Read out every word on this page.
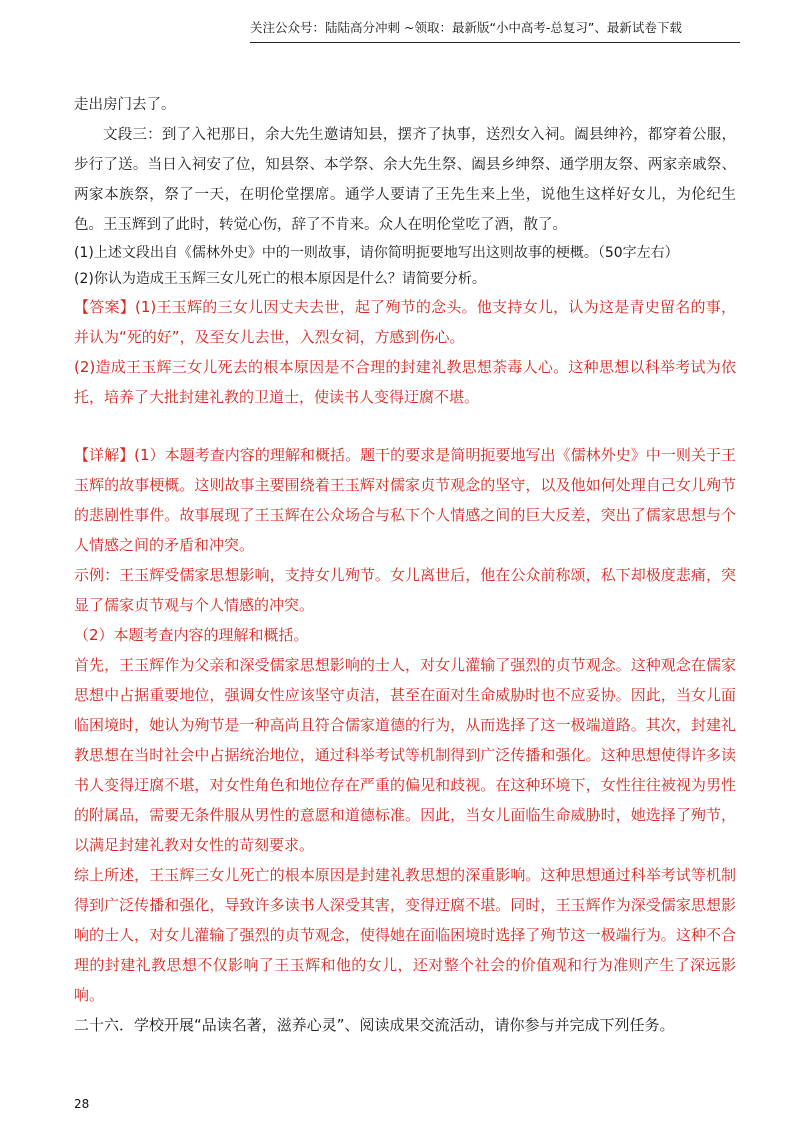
关注公众号：陆陆高分冲刺 ~领取：最新版“小中高考-总复习”、最新试卷下载

走出房门去了。

文段三：到了入祀那日，余大先生邀请知县，摆齐了执事，送烈女入祠。阖县绅衿，都穿着公服，步行了送。当日入祠安了位，知县祭、本学祭、余大先生祭、阖县乡绅祭、通学朋友祭、两家亲戚祭、两家本族祭，祭了一天，在明伦堂摆席。通学人要请了王先生来上坐，说他生这样好女儿，为伦纪生色。王玉辉到了此时，转觉心伤，辞了不肯来。众人在明伦堂吃了酒，散了。

(1)上述文段出自《儒林外史》中的一则故事，请你简明扼要地写出这则故事的梗概。（50字左右）

(2)你认为造成王玉辉三女儿死亡的根本原因是什么？请简要分析。

【答案】(1)王玉辉的三女儿因丈夫去世，起了殉节的念头。他支持女儿，认为这是青史留名的事，并认为“死的好”，及至女儿去世，入烈女祠，方感到伤心。

(2)造成王玉辉三女儿死去的根本原因是不合理的封建礼教思想荼毒人心。这种思想以科举考试为依托，培养了大批封建礼教的卫道士，使读书人变得迂腐不堪。

【详解】(1）本题考查内容的理解和概括。题干的要求是简明扼要地写出《儒林外史》中一则关于王玉辉的故事梗概。这则故事主要围绕着王玉辉对儒家贞节观念的坚守，以及他如何处理自己女儿殉节的悲剧性事件。故事展现了王玉辉在公众场合与私下个人情感之间的巨大反差，突出了儒家思想与个人情感之间的矛盾和冲突。

示例：王玉辉受儒家思想影响，支持女儿殉节。女儿离世后，他在公众前称颂，私下却极度悲痛，突显了儒家贞节观与个人情感的冲突。

（2）本题考查内容的理解和概括。

首先，王玉辉作为父亲和深受儒家思想影响的士人，对女儿灌输了强烈的贞节观念。这种观念在儒家思想中占据重要地位，强调女性应该坚守贞洁，甚至在面对生命威胁时也不应妥协。因此，当女儿面临困境时，她认为殉节是一种高尚且符合儒家道德的行为，从而选择了这一极端道路。其次，封建礼教思想在当时社会中占据统治地位，通过科举考试等机制得到广泛传播和强化。这种思想使得许多读书人变得迂腐不堪，对女性角色和地位存在严重的偏见和歧视。在这种环境下，女性往往被视为男性的附属品，需要无条件服从男性的意愿和道德标准。因此，当女儿面临生命威胁时，她选择了殉节，以满足封建礼教对女性的苛刻要求。

综上所述，王玉辉三女儿死亡的根本原因是封建礼教思想的深重影响。这种思想通过科举考试等机制得到广泛传播和强化，导致许多读书人深受其害，变得迂腐不堪。同时，王玉辉作为深受儒家思想影响的士人，对女儿灌输了强烈的贞节观念，使得她在面临困境时选择了殉节这一极端行为。这种不合理的封建礼教思想不仅影响了王玉辉和他的女儿，还对整个社会的价值观和行为准则产生了深远影响。

二十六．学校开展“品读名著，滋养心灵”、阅读成果交流活动，请你参与并完成下列任务。

28
